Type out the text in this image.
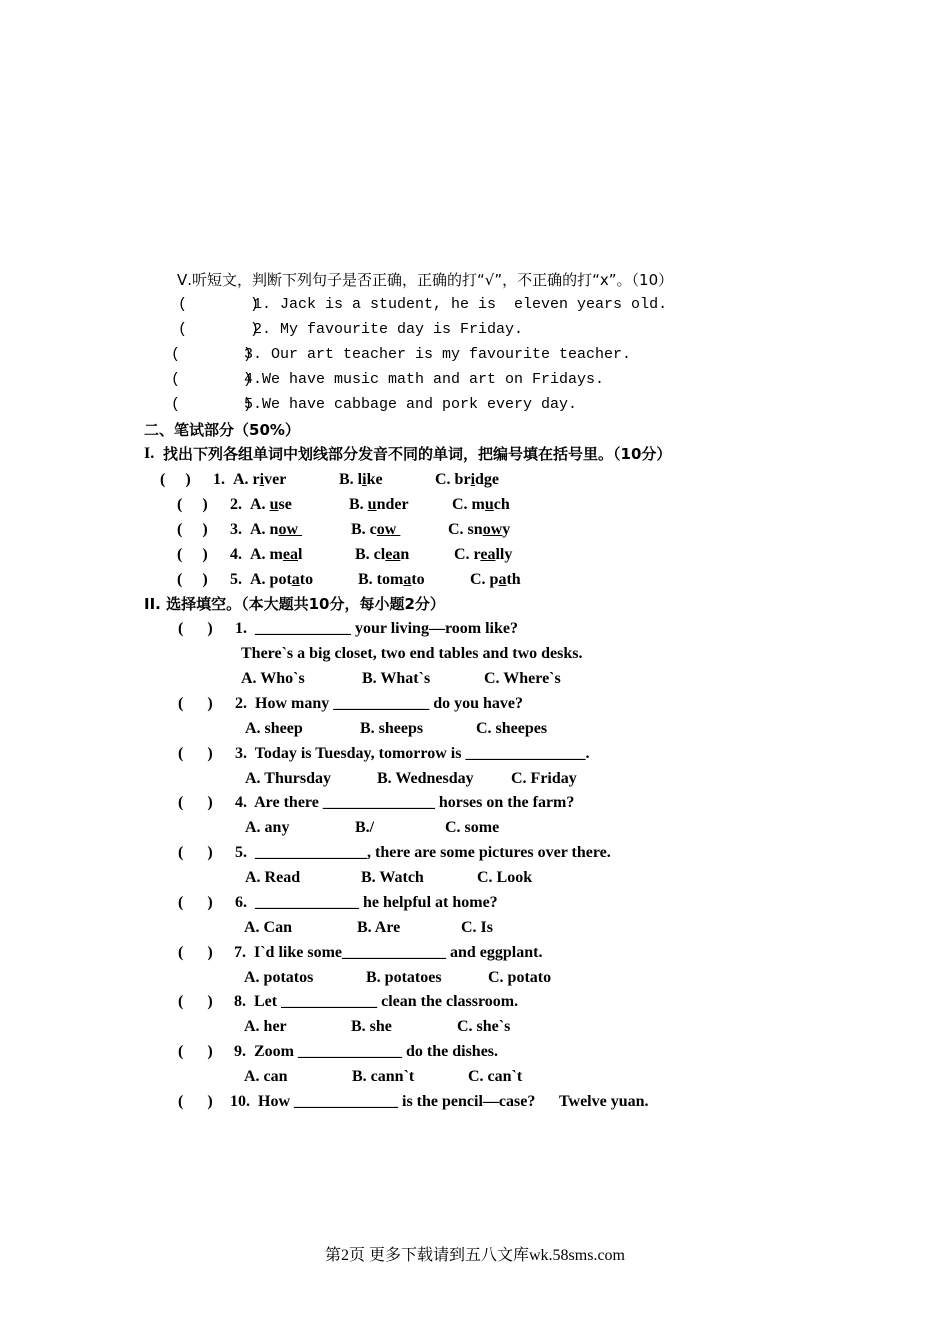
Ⅴ.听短文，判断下列句子是否正确，正确的打“√”，不正确的打“x”。（10）
(       )
1. Jack is a student, he is  eleven years old.
(       )
2. My favourite day is Friday.
(       )
3. Our art teacher is my favourite teacher.
(       )
4.We have music math and art on Fridays.
(       )
5.We have cabbage and pork every day.
二、笔试部分（50%）
I. 找出下列各组单词中划线部分发音不同的单词，把编号填在括号里。（10分）
(     ) 1. A. river	B. like	C. bridge
(     ) 2. A. use	B. under	C. much
(     ) 3. A. now	B. cow	C. snowy
(     ) 4. A. meal	B. clean	C. really
(     ) 5. A. potato	B. tomato	C. path
II. 选择填空。（本大题共10分，每小题2分）
(      ) 1.  ____________ your living—room like?
There`s a big closet, two end tables and two desks.
A. Who`s	B. What`s	C. Where`s
(      ) 2.  How many ____________ do you have?
A. sheep	B. sheeps	C. sheepes
(      ) 3.  Today is Tuesday, tomorrow is _______________.
A. Thursday	B. Wednesday C. Friday
(      ) 4.  Are there ______________ horses on the farm?
A. any	B./	C. some
(      ) 5.  ______________, there are some pictures over there.
A. Read	B. Watch	C. Look
(      ) 6.  _____________ he helpful at home?
A. Can	B. Are	C. Is
(      ) 7.  I`d like some_____________ and eggplant.
A. potatos	B. potatoes	C. potato
(      ) 8.  Let ____________ clean the classroom.
A. her	B. she	C. she`s
(      ) 9.  Zoom _____________ do the dishes.
A. can	B. cann`t	C. can`t
(      ) 10.  How _____________ is the pencil—case?      Twelve yuan.
第2页 更多下载请到五八文库wk.58sms.com
